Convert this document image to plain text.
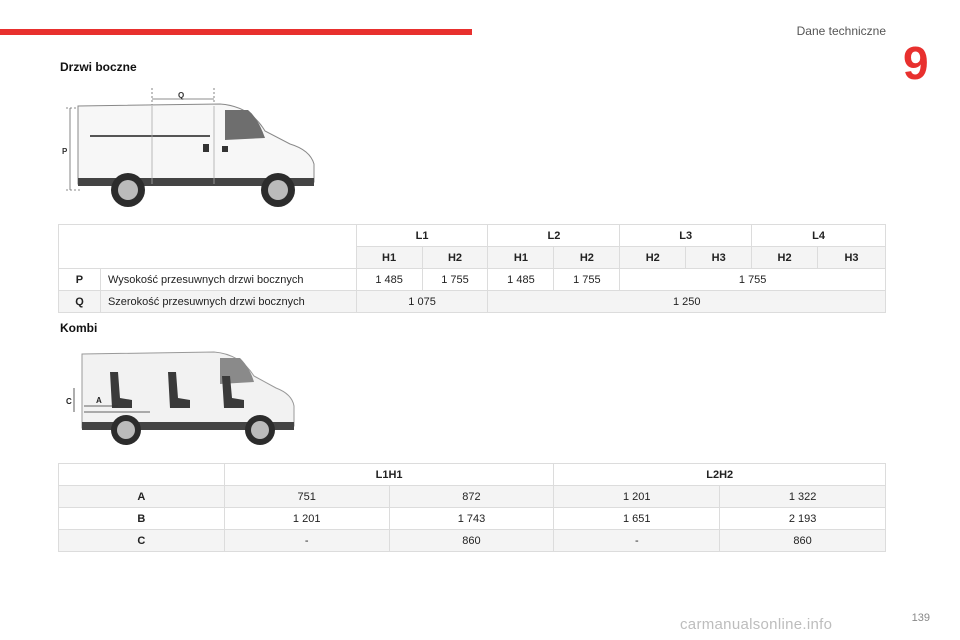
Dane techniczne
9
Drzwi boczne
Q
P
		L1		L2		L3		L4	
		H1	H2	H1	H2	H2	H3	H2	H3
P	Wysokość przesuwnych drzwi bocznych	1 485	1 755	1 485	1 755	1 755			
Q	Szerokość przesuwnych drzwi bocznych	1 075		1 250					
Kombi
C	A
	L1H1		L2H2	
A	751	872	1 201	1 322
B	1 201	1 743	1 651	2 193
C	-	860	-	860
139
carmanualsonline.info
